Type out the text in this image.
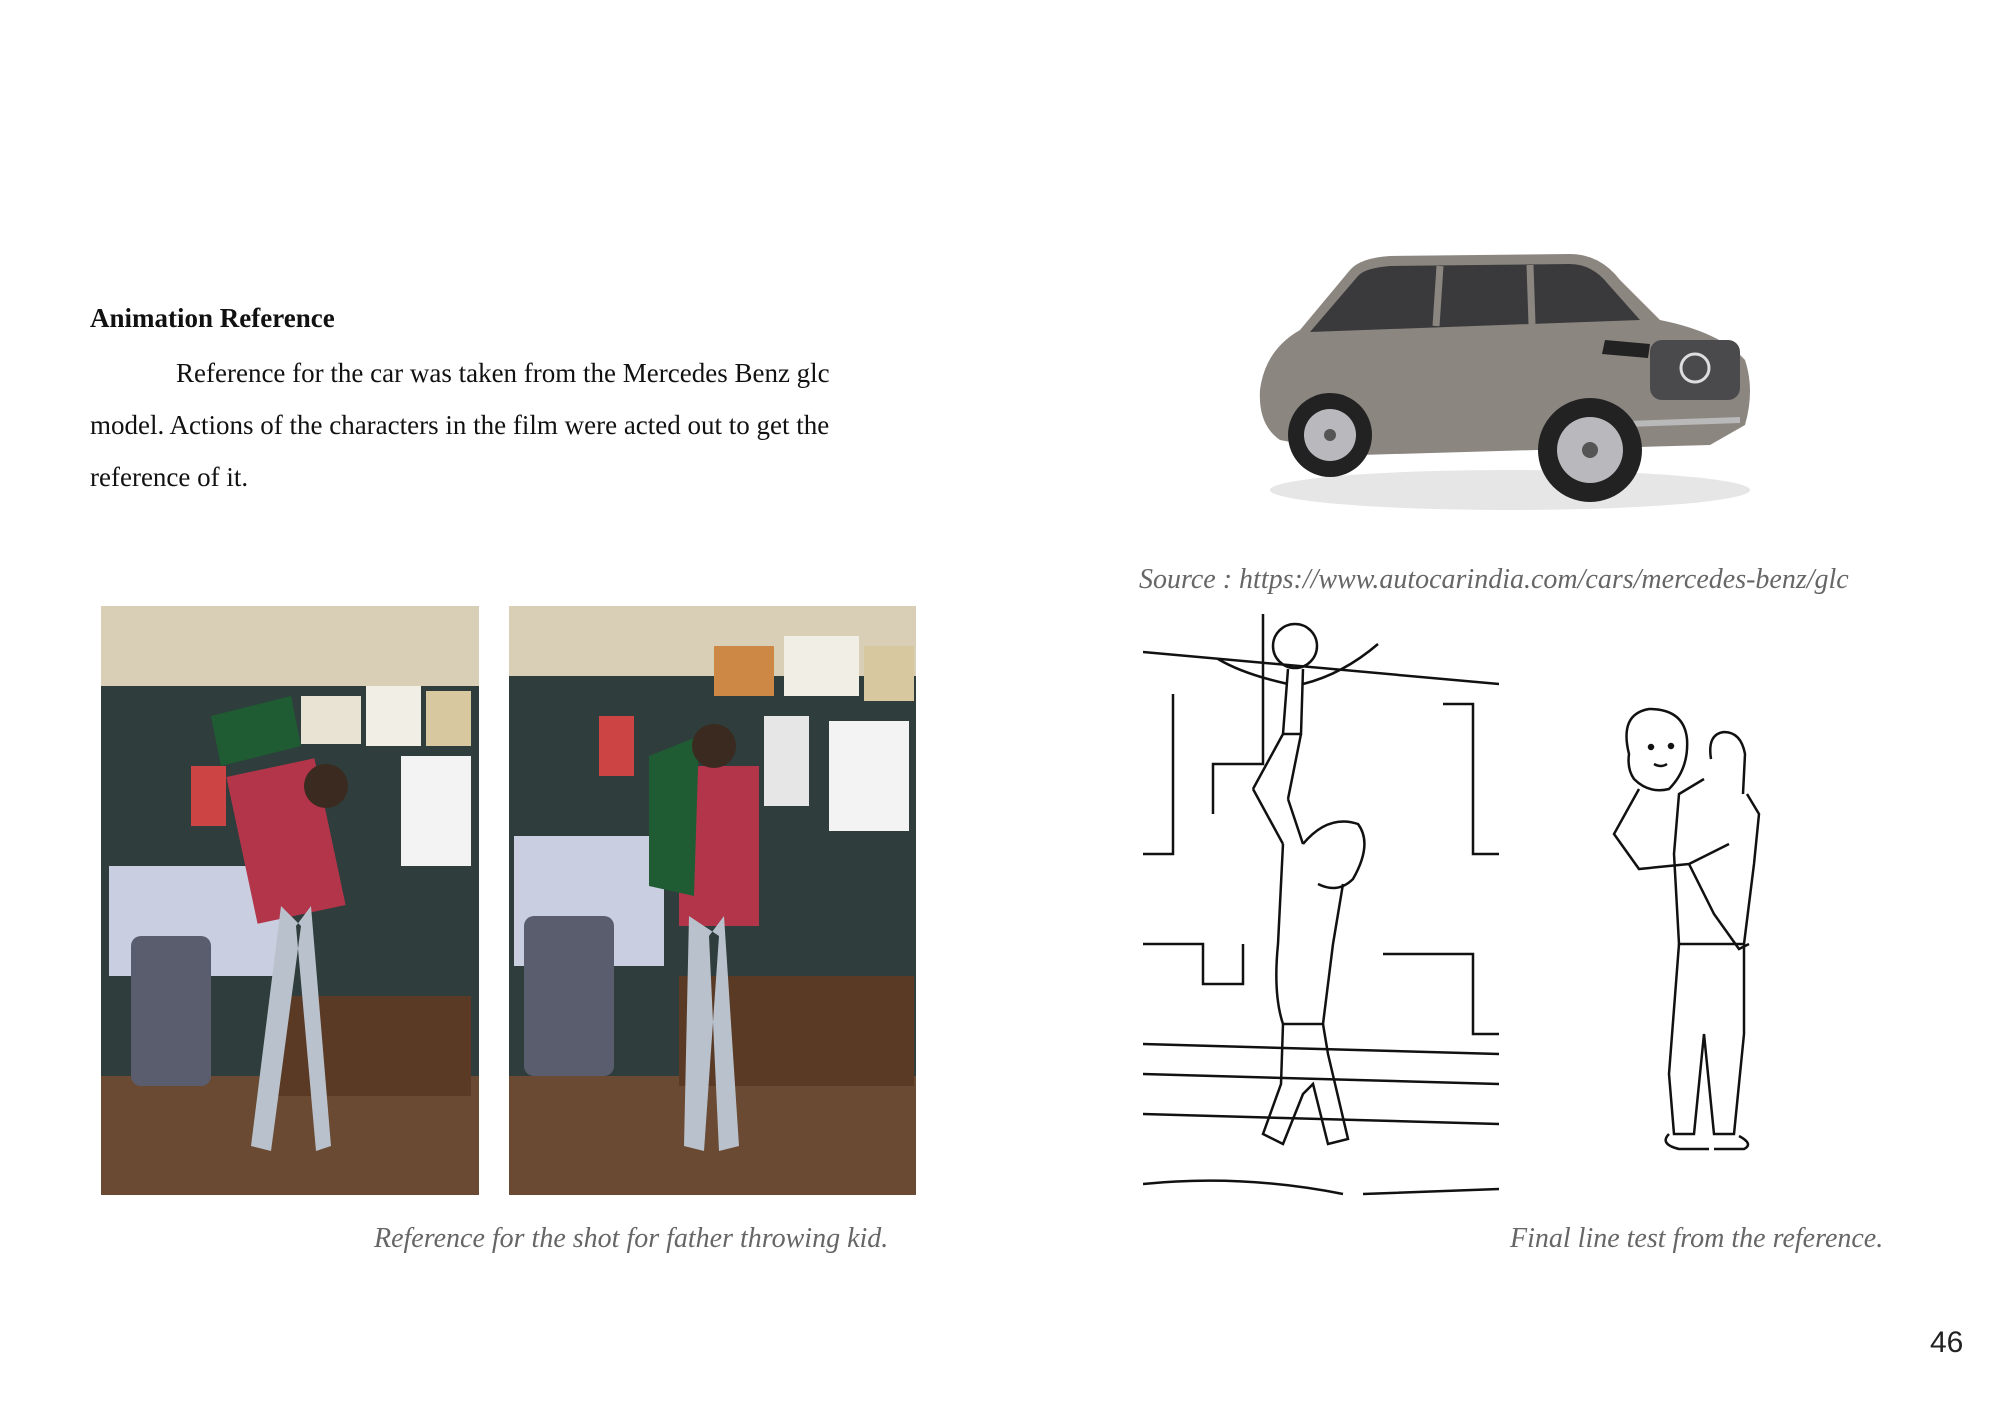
Animation Reference

Reference for the car was taken from the Mercedes Benz glc model. Actions of the characters in the film were acted out to get the reference of it.

Source : https://www.autocarindia.com/cars/mercedes-benz/glc
Reference for the shot for father throwing kid.	Final line test from the reference.
46
